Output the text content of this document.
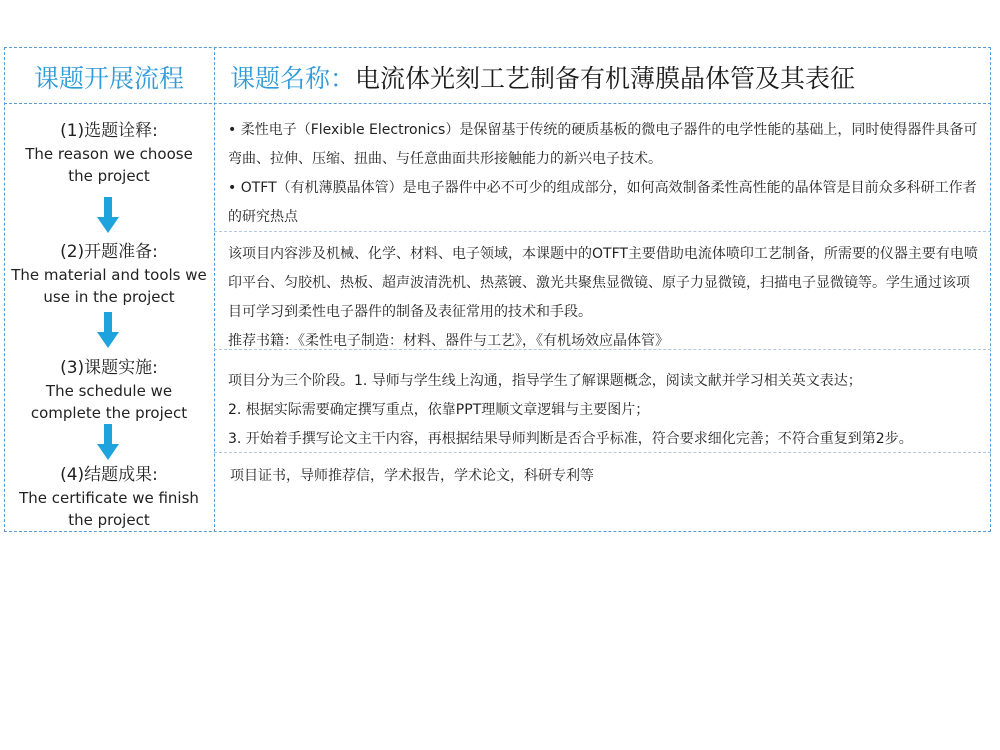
课题开展流程	课题名称： 电流体光刻工艺制备有机薄膜晶体管及其表征
(1)选题诠释:
The reason we choose
the project
(2)开题准备:
The material and tools we
use in the project
(3)课题实施:
The schedule we
complete the project
(4)结题成果:
The certificate we finish
the project

• 柔性电子（Flexible Electronics）是保留基于传统的硬质基板的微电子器件的电学性能的基础上，同时使得器件具备可弯曲、拉伸、压缩、扭曲、与任意曲面共形接触能力的新兴电子技术。

• OTFT（有机薄膜晶体管）是电子器件中必不可少的组成部分，如何高效制备柔性高性能的晶体管是目前众多科研工作者的研究热点

该项目内容涉及机械、化学、材料、电子领域，本课题中的OTFT主要借助电流体喷印工艺制备，所需要的仪器主要有电喷印平台、匀胶机、热板、超声波清洗机、热蒸镀、激光共聚焦显微镜、原子力显微镜，扫描电子显微镜等。学生通过该项目可学习到柔性电子器件的制备及表征常用的技术和手段。

推荐书籍：《柔性电子制造：材料、器件与工艺》，《有机场效应晶体管》

项目分为三个阶段。1. 导师与学生线上沟通，指导学生了解课题概念，阅读文献并学习相关英文表达；

2. 根据实际需要确定撰写重点，依靠PPT理顺文章逻辑与主要图片；

3. 开始着手撰写论文主干内容，再根据结果导师判断是否合乎标准，符合要求细化完善；不符合重复到第2步。

项目证书，导师推荐信，学术报告，学术论文，科研专利等
